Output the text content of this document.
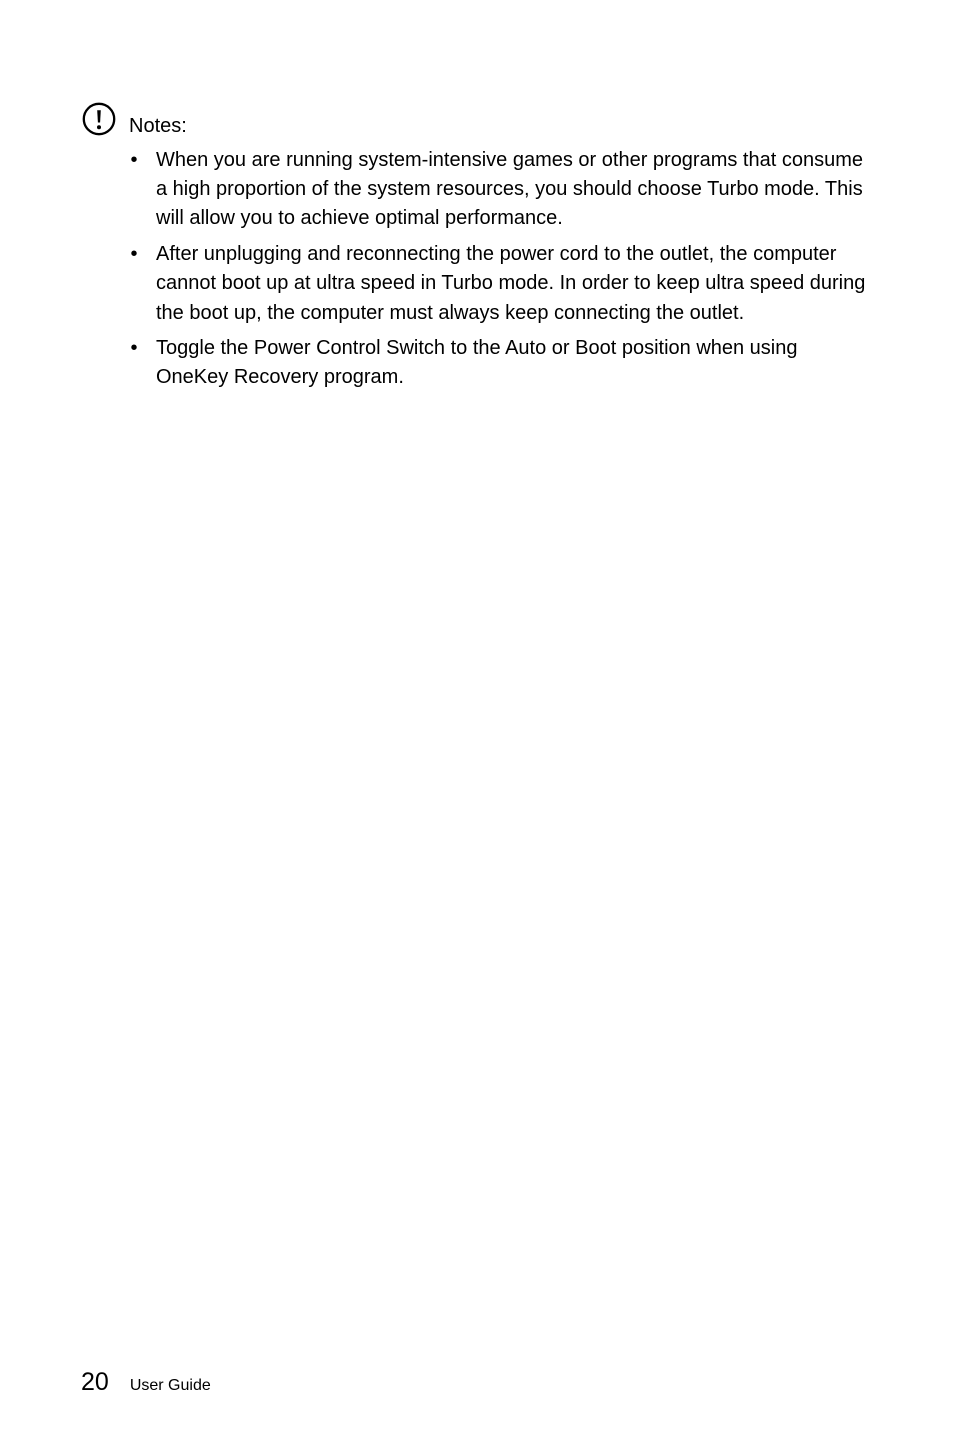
Notes:
• When you are running system-intensive games or other programs that consume a high proportion of the system resources, you should choose Turbo mode. This will allow you to achieve optimal performance.
• After unplugging and reconnecting the power cord to the outlet, the computer cannot boot up at ultra speed in Turbo mode. In order to keep ultra speed during the boot up, the computer must always keep connecting the outlet.
• Toggle the Power Control Switch to the Auto or Boot position when using OneKey Recovery program.
20 User Guide
